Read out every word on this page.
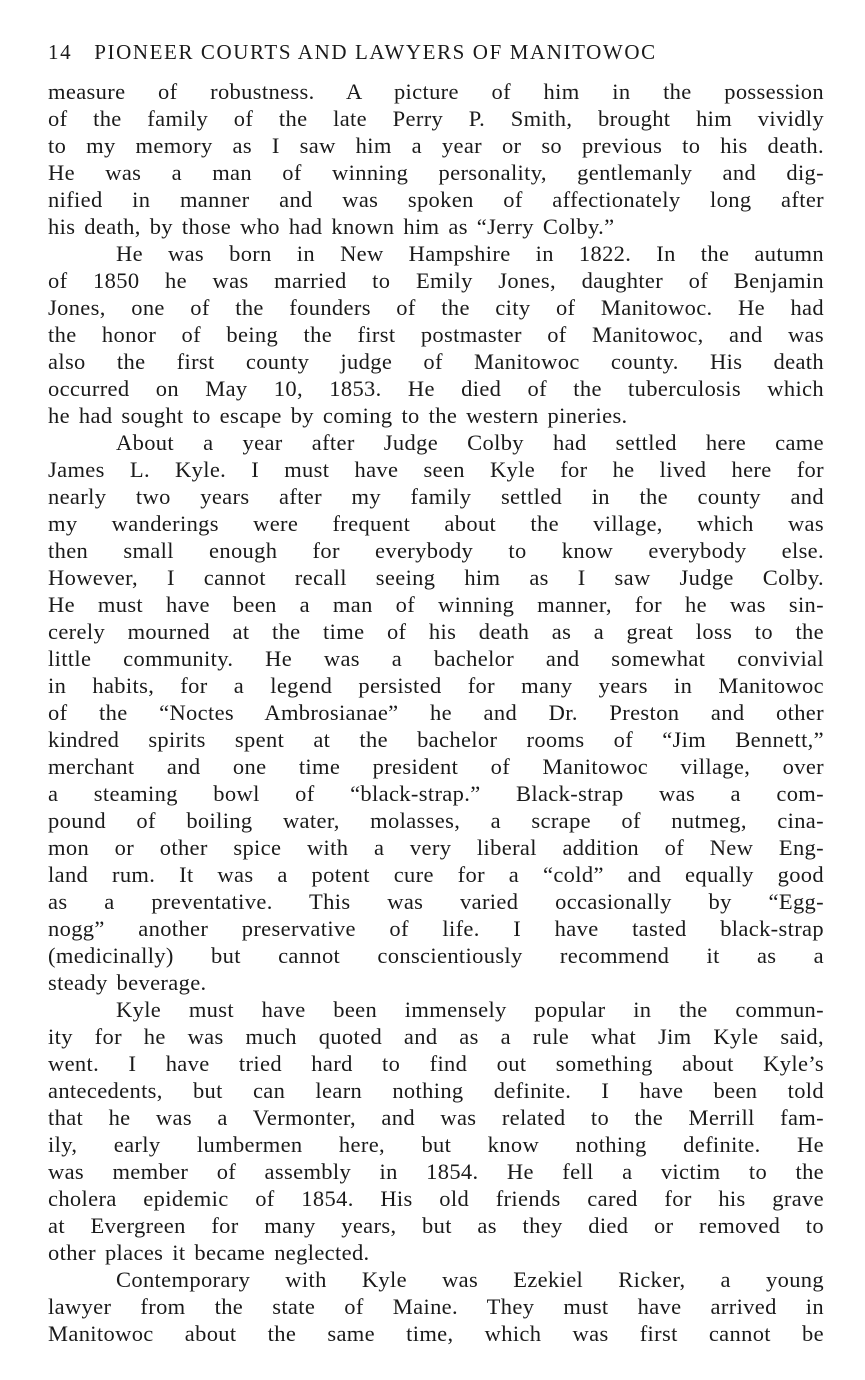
14 PIONEER COURTS AND LAWYERS OF MANITOWOC
measure of robustness. A picture of him in the possession
of the family of the late Perry P. Smith, brought him vividly
to my memory as I saw him a year or so previous to his death.
He was a man of winning personality, gentlemanly and dig-
nified in manner and was spoken of affectionately long after
his death, by those who had known him as “Jerry Colby.”
He was born in New Hampshire in 1822. In the autumn
of 1850 he was married to Emily Jones, daughter of Benjamin
Jones, one of the founders of the city of Manitowoc. He had
the honor of being the first postmaster of Manitowoc, and was
also the first county judge of Manitowoc county. His death
occurred on May 10, 1853. He died of the tuberculosis which
he had sought to escape by coming to the western pineries.
About a year after Judge Colby had settled here came
James L. Kyle. I must have seen Kyle for he lived here for
nearly two years after my family settled in the county and
my wanderings were frequent about the village, which was
then small enough for everybody to know everybody else.
However, I cannot recall seeing him as I saw Judge Colby.
He must have been a man of winning manner, for he was sin-
cerely mourned at the time of his death as a great loss to the
little community. He was a bachelor and somewhat convivial
in habits, for a legend persisted for many years in Manitowoc
of the “Noctes Ambrosianae” he and Dr. Preston and other
kindred spirits spent at the bachelor rooms of “Jim Bennett,”
merchant and one time president of Manitowoc village, over
a steaming bowl of “black-strap.” Black-strap was a com-
pound of boiling water, molasses, a scrape of nutmeg, cina-
mon or other spice with a very liberal addition of New Eng-
land rum. It was a potent cure for a “cold” and equally good
as a preventative. This was varied occasionally by “Egg-
nogg” another preservative of life. I have tasted black-strap
(medicinally) but cannot conscientiously recommend it as a
steady beverage.
Kyle must have been immensely popular in the commun-
ity for he was much quoted and as a rule what Jim Kyle said,
went. I have tried hard to find out something about Kyle’s
antecedents, but can learn nothing definite. I have been told
that he was a Vermonter, and was related to the Merrill fam-
ily, early lumbermen here, but know nothing definite. He
was member of assembly in 1854. He fell a victim to the
cholera epidemic of 1854. His old friends cared for his grave
at Evergreen for many years, but as they died or removed to
other places it became neglected.
Contemporary with Kyle was Ezekiel Ricker, a young
lawyer from the state of Maine. They must have arrived in
Manitowoc about the same time, which was first cannot be
